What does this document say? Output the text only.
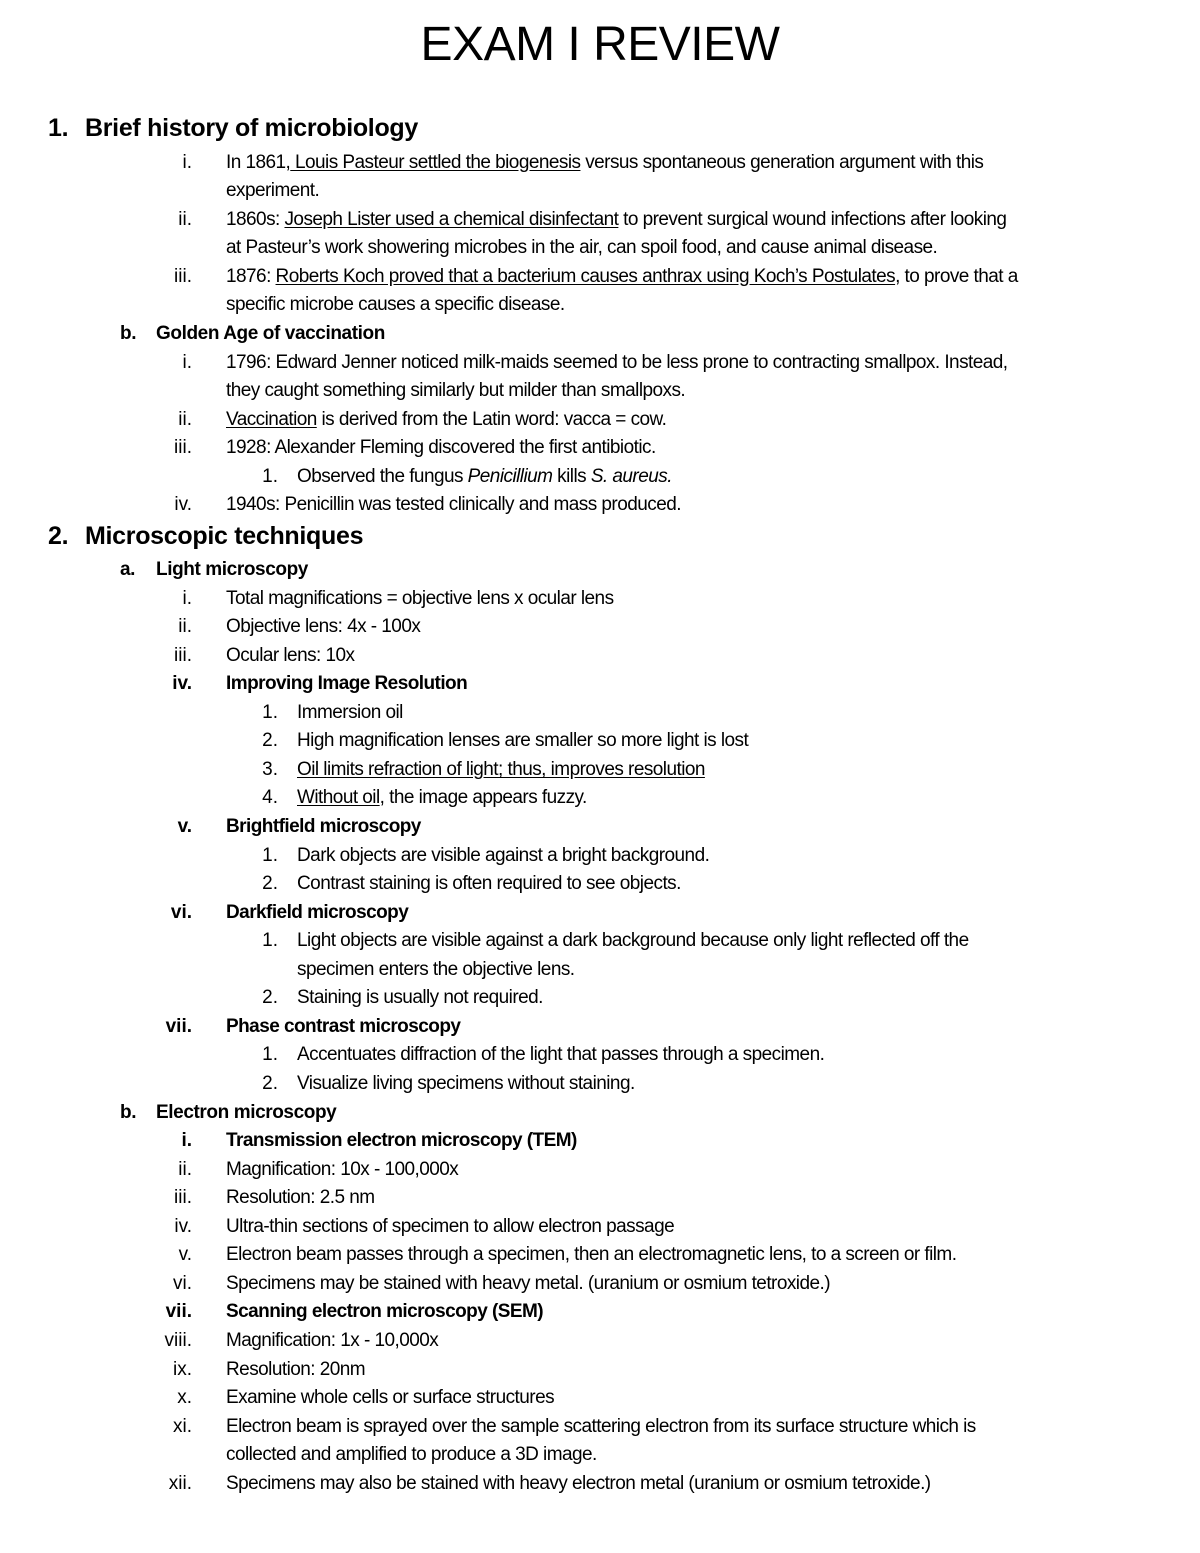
EXAM I REVIEW
1. Brief history of microbiology
i. In 1861, Louis Pasteur settled the biogenesis versus spontaneous generation argument with this
experiment.
ii. 1860s: Joseph Lister used a chemical disinfectant to prevent surgical wound infections after looking
at Pasteur’s work showering microbes in the air, can spoil food, and cause animal disease.
iii. 1876: Roberts Koch proved that a bacterium causes anthrax using Koch’s Postulates, to prove that a
specific microbe causes a specific disease.
b. Golden Age of vaccination
i. 1796: Edward Jenner noticed milk-maids seemed to be less prone to contracting smallpox. Instead,
they caught something similarly but milder than smallpoxs.
ii. Vaccination is derived from the Latin word: vacca = cow.
iii. 1928: Alexander Fleming discovered the first antibiotic.
1. Observed the fungus Penicillium kills S. aureus.
iv. 1940s: Penicillin was tested clinically and mass produced.
2. Microscopic techniques
a. Light microscopy
i. Total magnifications = objective lens x ocular lens
ii. Objective lens: 4x - 100x
iii. Ocular lens: 10x
iv. Improving Image Resolution
1. Immersion oil
2. High magnification lenses are smaller so more light is lost
3. Oil limits refraction of light; thus, improves resolution
4. Without oil, the image appears fuzzy.
v. Brightfield microscopy
1. Dark objects are visible against a bright background.
2. Contrast staining is often required to see objects.
vi. Darkfield microscopy
1. Light objects are visible against a dark background because only light reflected off the
specimen enters the objective lens.
2. Staining is usually not required.
vii. Phase contrast microscopy
1. Accentuates diffraction of the light that passes through a specimen.
2. Visualize living specimens without staining.
b. Electron microscopy
i. Transmission electron microscopy (TEM)
ii. Magnification: 10x - 100,000x
iii. Resolution: 2.5 nm
iv. Ultra-thin sections of specimen to allow electron passage
v. Electron beam passes through a specimen, then an electromagnetic lens, to a screen or film.
vi. Specimens may be stained with heavy metal. (uranium or osmium tetroxide.)
vii. Scanning electron microscopy (SEM)
viii. Magnification: 1x - 10,000x
ix. Resolution: 20nm
x. Examine whole cells or surface structures
xi. Electron beam is sprayed over the sample scattering electron from its surface structure which is
collected and amplified to produce a 3D image.
xii. Specimens may also be stained with heavy electron metal (uranium or osmium tetroxide.)
